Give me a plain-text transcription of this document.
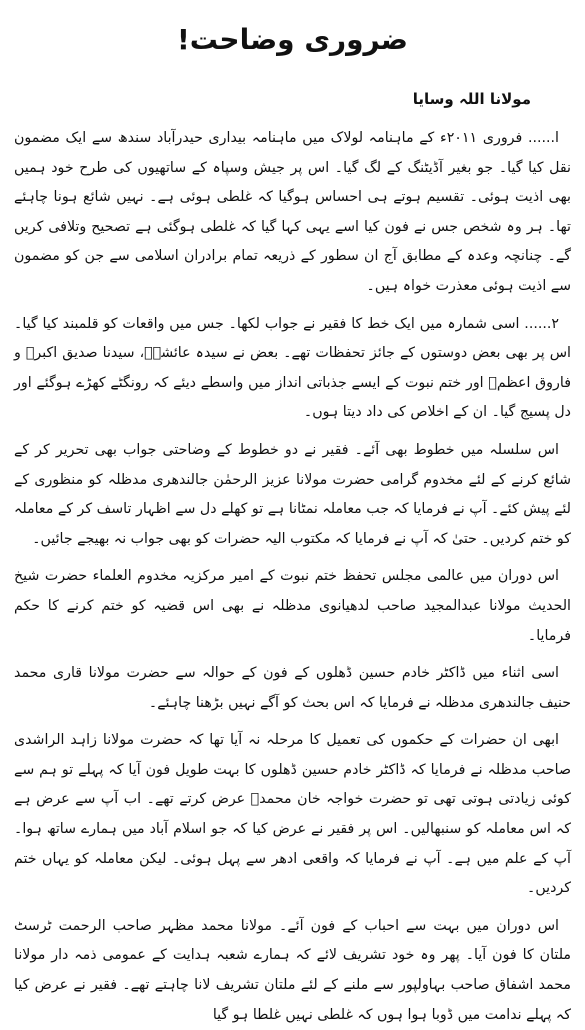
ضروری وضاحت!
مولانا اللہ وسایا

ا...... فروری ۲۰۱۱ء کے ماہنامہ لولاک میں ماہنامہ بیداری حیدرآباد سندھ سے ایک مضمون نقل کیا گیا۔ جو بغیر آڈیٹنگ کے لگ گیا۔ اس پر جیش وسپاہ کے ساتھیوں کی طرح خود ہمیں بھی اذیت ہوئی۔ تقسیم ہوتے ہی احساس ہوگیا کہ غلطی ہوئی ہے۔ نہیں شائع ہونا چاہئے تھا۔ ہر وہ شخص جس نے فون کیا اسے یہی کہا گیا کہ غلطی ہوگئی ہے تصحیح وتلافی کریں گے۔ چنانچہ وعدہ کے مطابق آج ان سطور کے ذریعہ تمام برادران اسلامی سے جن کو مضمون سے اذیت ہوئی معذرت خواہ ہیں۔

۲...... اسی شمارہ میں ایک خط کا فقیر نے جواب لکھا۔ جس میں واقعات کو قلمبند کیا گیا۔ اس پر بھی بعض دوستوں کے جائز تحفظات تھے۔ بعض نے سیدہ عائشہؓ، سیدنا صدیق اکبرؓ و فاروق اعظمؓ اور ختم نبوت کے ایسے جذباتی انداز میں واسطے دیئے کہ رونگٹے کھڑے ہوگئے اور دل پسیج گیا۔ ان کے اخلاص کی داد دیتا ہوں۔

اس سلسلہ میں خطوط بھی آئے۔ فقیر نے دو خطوط کے وضاحتی جواب بھی تحریر کر کے شائع کرنے کے لئے مخدوم گرامی حضرت مولانا عزیز الرحمٰن جالندھری مدظلہ کو منظوری کے لئے پیش کئے۔ آپ نے فرمایا کہ جب معاملہ نمٹانا ہے تو کھلے دل سے اظہار تاسف کر کے معاملہ کو ختم کردیں۔ حتیٰ کہ آپ نے فرمایا کہ مکتوب الیہ حضرات کو بھی جواب نہ بھیجے جائیں۔

اس دوران میں عالمی مجلس تحفظ ختم نبوت کے امیر مرکزیہ مخدوم العلماء حضرت شیخ الحدیث مولانا عبدالمجید صاحب لدھیانوی مدظلہ نے بھی اس قضیہ کو ختم کرنے کا حکم فرمایا۔

اسی اثناء میں ڈاکٹر خادم حسین ڈھلوں کے فون کے حوالہ سے حضرت مولانا قاری محمد حنیف جالندھری مدظلہ نے فرمایا کہ اس بحث کو آگے نہیں بڑھنا چاہئے۔

ابھی ان حضرات کے حکموں کی تعمیل کا مرحلہ نہ آیا تھا کہ حضرت مولانا زاہد الراشدی صاحب مدظلہ نے فرمایا کہ ڈاکٹر خادم حسین ڈھلوں کا بہت طویل فون آیا کہ پہلے تو ہم سے کوئی زیادتی ہوتی تھی تو حضرت خواجہ خان محمدؒ عرض کرتے تھے۔ اب آپ سے عرض ہے کہ اس معاملہ کو سنبھالیں۔ اس پر فقیر نے عرض کیا کہ جو اسلام آباد میں ہمارے ساتھ ہوا۔ آپ کے علم میں ہے۔ آپ نے فرمایا کہ واقعی ادھر سے پہل ہوئی۔ لیکن معاملہ کو یہاں ختم کردیں۔

اس دوران میں بہت سے احباب کے فون آئے۔ مولانا محمد مظہر صاحب الرحمت ٹرسٹ ملتان کا فون آیا۔ پھر وہ خود تشریف لائے کہ ہمارے شعبہ ہدایت کے عمومی ذمہ دار مولانا محمد اشفاق صاحب بہاولپور سے ملنے کے لئے ملتان تشریف لانا چاہتے تھے۔ فقیر نے عرض کیا کہ پہلے ندامت میں ڈوبا ہوا ہوں کہ غلطی نہیں غلطا ہو گیا
